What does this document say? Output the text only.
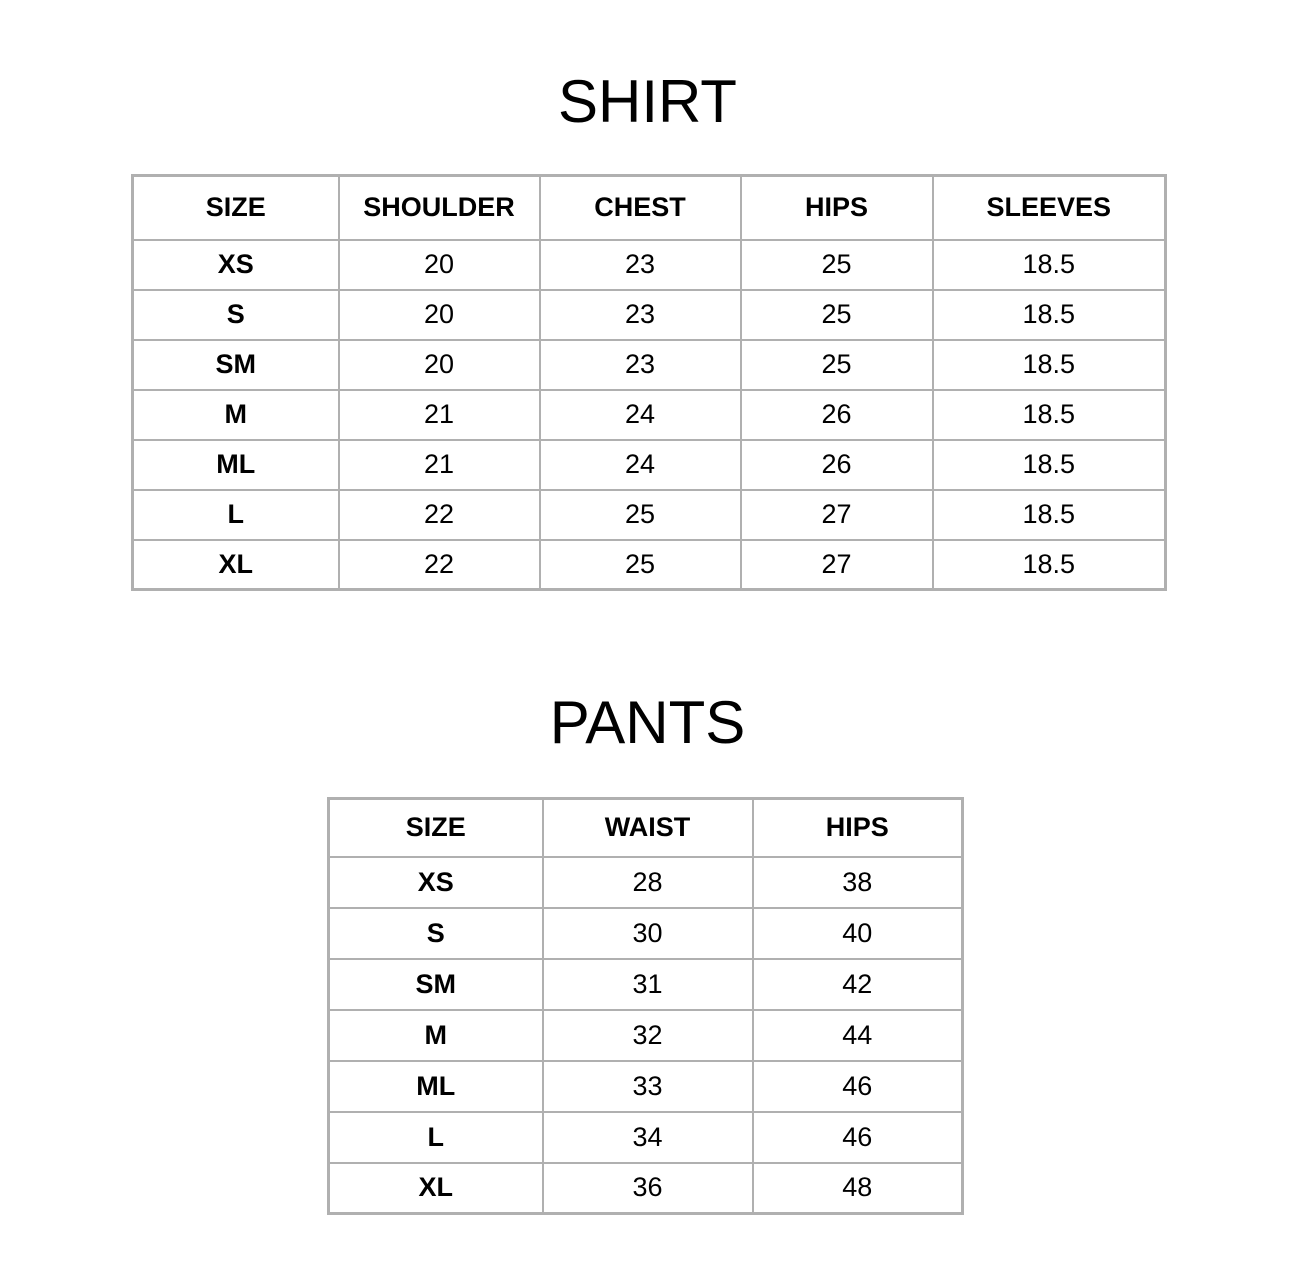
SHIRT
SIZE	SHOULDER	CHEST	HIPS	SLEEVES
XS	20	23	25	18.5
S	20	23	25	18.5
SM	20	23	25	18.5
M	21	24	26	18.5
ML	21	24	26	18.5
L	22	25	27	18.5
XL	22	25	27	18.5
PANTS
SIZE	WAIST	HIPS
XS	28	38
S	30	40
SM	31	42
M	32	44
ML	33	46
L	34	46
XL	36	48
